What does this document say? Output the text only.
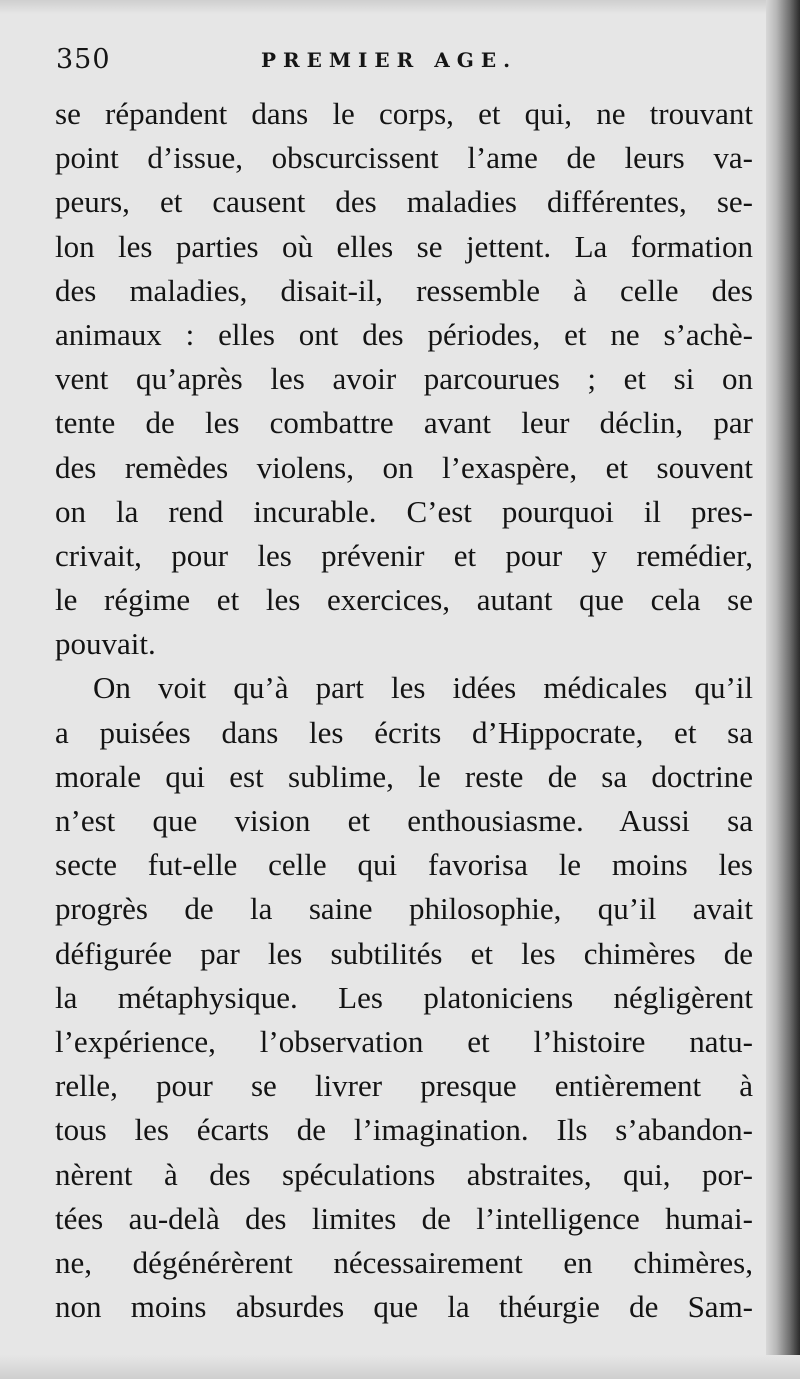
350	PREMIER AGE.
se répandent dans le corps, et qui, ne trouvant
point d’issue, obscurcissent l’ame de leurs va-
peurs, et causent des maladies différentes, se-
lon les parties où elles se jettent. La formation
des maladies, disait-il, ressemble à celle des
animaux : elles ont des périodes, et ne s’achè-
vent qu’après les avoir parcourues ; et si on
tente de les combattre avant leur déclin, par
des remèdes violens, on l’exaspère, et souvent
on la rend incurable. C’est pourquoi il pres-
crivait, pour les prévenir et pour y remédier,
le régime et les exercices, autant que cela se
pouvait.
On voit qu’à part les idées médicales qu’il
a puisées dans les écrits d’Hippocrate, et sa
morale qui est sublime, le reste de sa doctrine
n’est que vision et enthousiasme. Aussi sa
secte fut-elle celle qui favorisa le moins les
progrès de la saine philosophie, qu’il avait
défigurée par les subtilités et les chimères de
la métaphysique. Les platoniciens négligèrent
l’expérience, l’observation et l’histoire natu-
relle, pour se livrer presque entièrement à
tous les écarts de l’imagination. Ils s’abandon-
nèrent à des spéculations abstraites, qui, por-
tées au-delà des limites de l’intelligence humai-
ne, dégénérèrent nécessairement en chimères,
non moins absurdes que la théurgie de Sam-
